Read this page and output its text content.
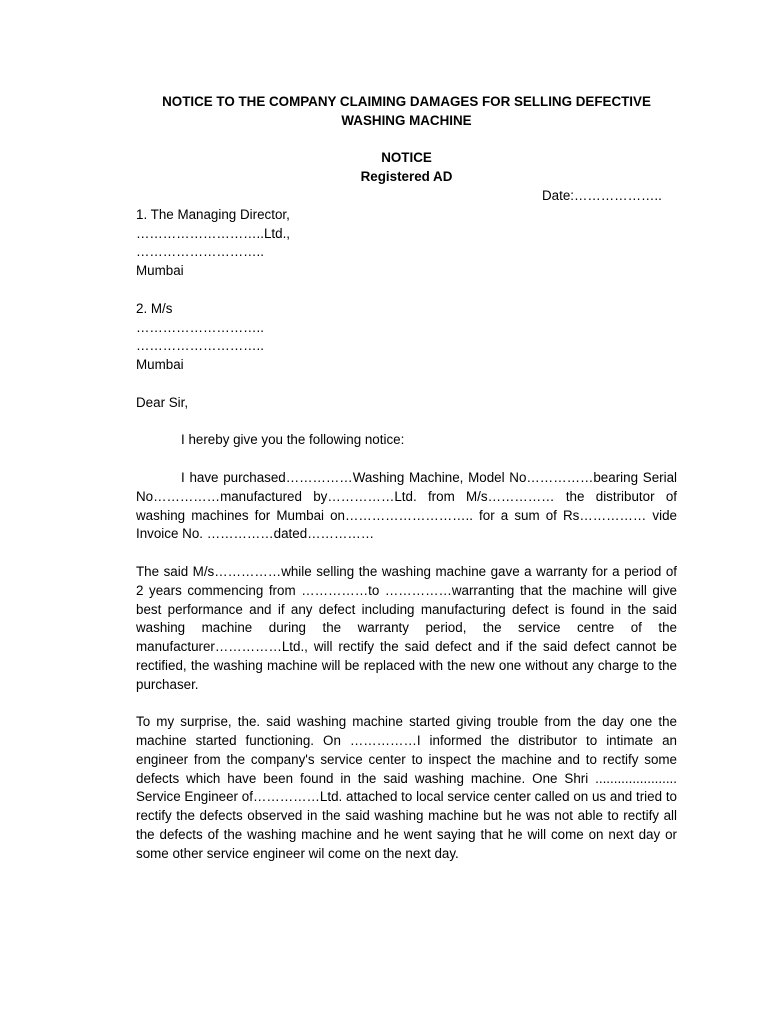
NOTICE TO THE COMPANY CLAIMING DAMAGES FOR SELLING DEFECTIVE
WASHING MACHINE
NOTICE
Registered AD
Date:………………..
1. The Managing Director,
………………………..Ltd.,
………………………..
Mumbai
2. M/s
………………………..
………………………..
Mumbai
Dear Sir,
I hereby give you the following notice:
I have purchased……………Washing Machine, Model No……………bearing Serial No……………manufactured by……………Ltd. from M/s…………… the distributor of washing machines for Mumbai on……………………….. for a sum of Rs…………… vide Invoice No. ……………dated……………
The said M/s……………while selling the washing machine gave a warranty for a period of 2 years commencing from ……………to ……………warranting that the machine will give best performance and if any defect including manufacturing defect is found in the said washing machine during the warranty period, the service centre of the manufacturer……………Ltd., will rectify the said defect and if the said defect cannot be rectified, the washing machine will be replaced with the new one without any charge to the purchaser.
To my surprise, the. said washing machine started giving trouble from the day one the machine started functioning. On ……………I informed the distributor to intimate an engineer from the company's service center to inspect the machine and to rectify some defects which have been found in the said washing machine. One Shri ...................... Service Engineer of……………Ltd. attached to local service center called on us and tried to rectify the defects observed in the said washing machine but he was not able to rectify all the defects of the washing machine and he went saying that he will come on next day or some other service engineer wil come on the next day.
